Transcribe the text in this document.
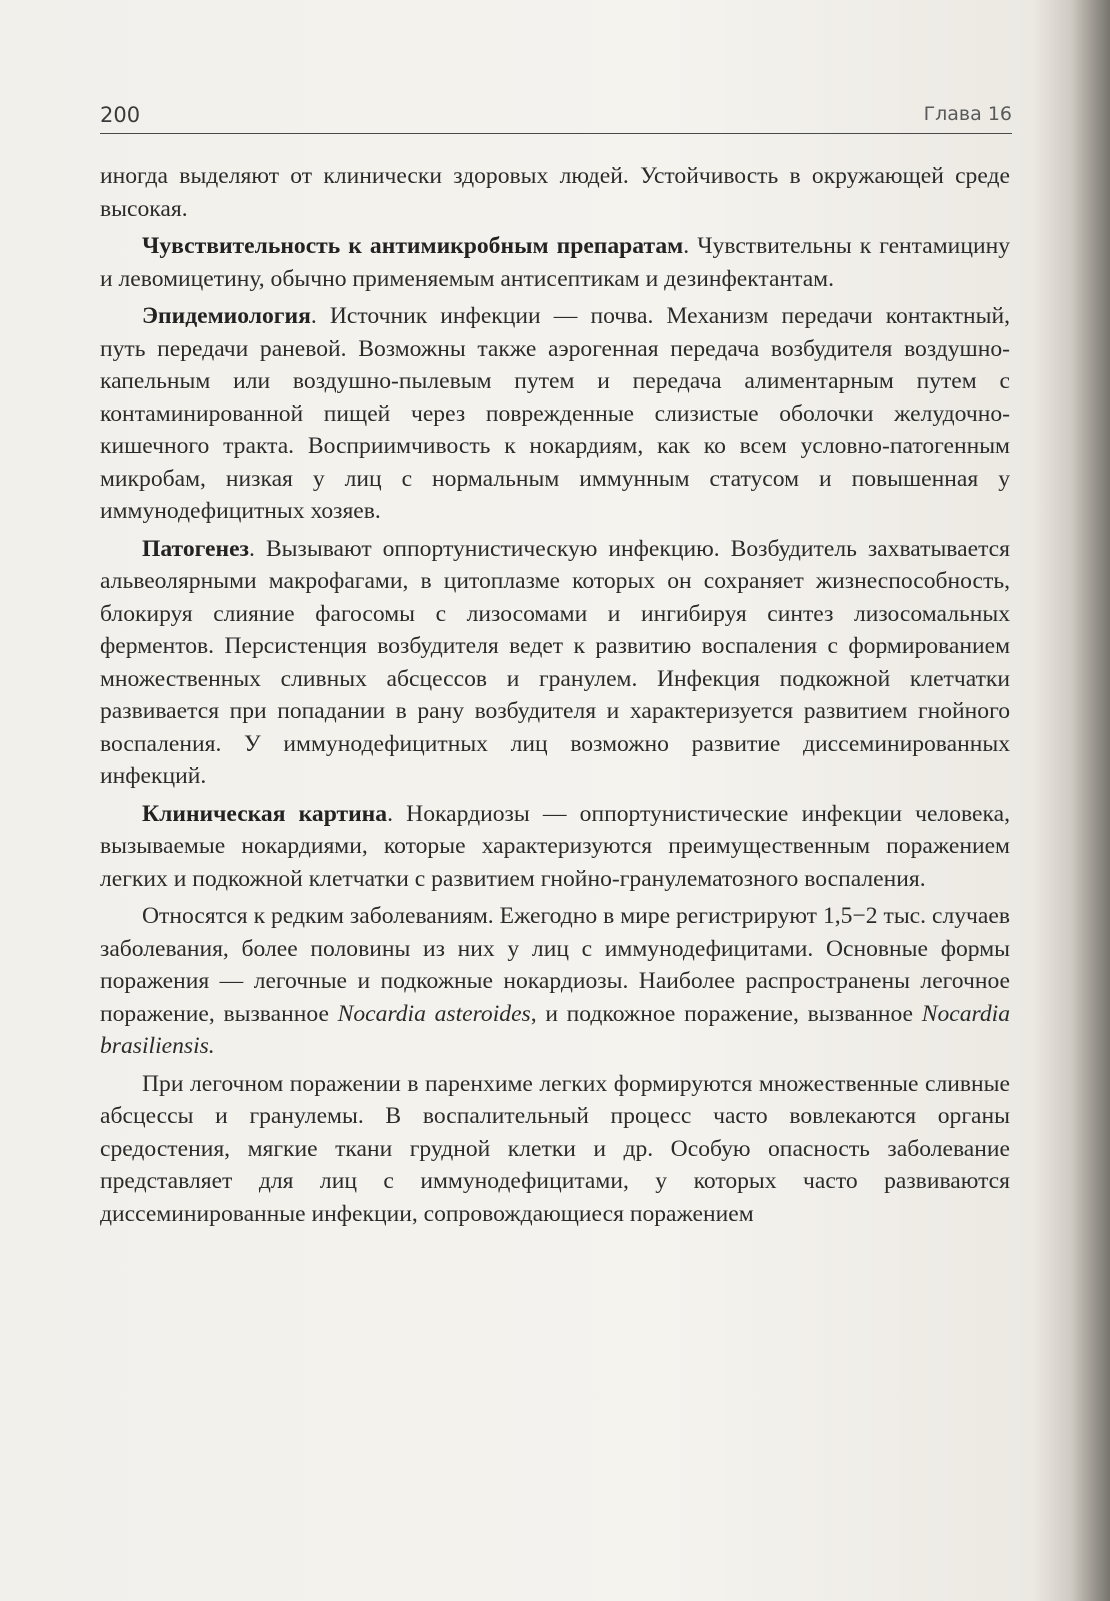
200	Глава 16

иногда выделяют от клинически здоровых людей. Устойчивость в окружающей среде высокая.

Чувствительность к антимикробным препаратам. Чувствительны к гентамицину и левомицетину, обычно применяемым антисептикам и дезинфектантам.

Эпидемиология. Источник инфекции — почва. Механизм передачи контактный, путь передачи раневой. Возможны также аэрогенная передача возбудителя воздушно-капельным или воздушно-пылевым путем и передача алиментарным путем с контаминированной пищей через поврежденные слизистые оболочки желудочно-кишечного тракта. Восприимчивость к нокардиям, как ко всем условно-патогенным микробам, низкая у лиц с нормальным иммунным статусом и повышенная у иммунодефицитных хозяев.

Патогенез. Вызывают оппортунистическую инфекцию. Возбудитель захватывается альвеолярными макрофагами, в цитоплазме которых он сохраняет жизнеспособность, блокируя слияние фагосомы с лизосомами и ингибируя синтез лизосомальных ферментов. Персистенция возбудителя ведет к развитию воспаления с формированием множественных сливных абсцессов и гранулем. Инфекция подкожной клетчатки развивается при попадании в рану возбудителя и характеризуется развитием гнойного воспаления. У иммунодефицитных лиц возможно развитие диссеминированных инфекций.

Клиническая картина. Нокардиозы — оппортунистические инфекции человека, вызываемые нокардиями, которые характеризуются преимущественным поражением легких и подкожной клетчатки с развитием гнойно-гранулематозного воспаления.

Относятся к редким заболеваниям. Ежегодно в мире регистрируют 1,5−2 тыс. случаев заболевания, более половины из них у лиц с иммунодефицитами. Основные формы поражения — легочные и подкожные нокардиозы. Наиболее распространены легочное поражение, вызванное Nocardia asteroides, и подкожное поражение, вызванное Nocardia brasiliensis.

При легочном поражении в паренхиме легких формируются множественные сливные абсцессы и гранулемы. В воспалительный процесс часто вовлекаются органы средостения, мягкие ткани грудной клетки и др. Особую опасность заболевание представляет для лиц с иммунодефицитами, у которых часто развиваются диссеминированные инфекции, сопровождающиеся поражением
